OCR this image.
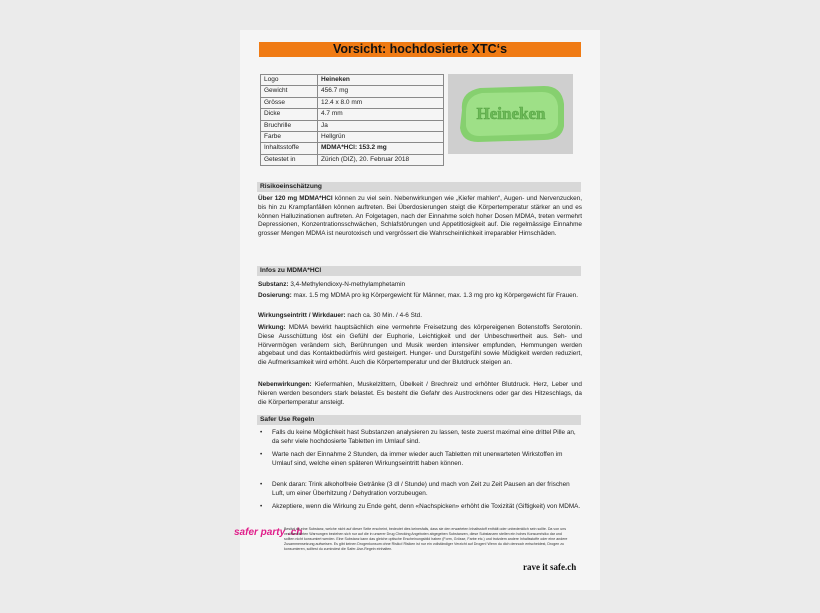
Vorsicht: hochdosierte XTC‘s
Logo	Heineken
Gewicht	456.7 mg
Grösse	12.4 x 8.0 mm
Dicke	4.7 mm
Bruchrille	Ja
Farbe	Hellgrün
Inhaltsstoffe	MDMA*HCl: 153.2 mg
Getestet in	Zürich (DIZ), 20. Februar 2018
Heineken
Risikoeinschätzung
Über 120 mg MDMA*HCl können zu viel sein. Nebenwirkungen wie „Kiefer mahlen“, Augen- und Nervenzucken, bis hin zu Krampfanfällen können auftreten. Bei Überdosierungen steigt die Körpertemperatur stärker an und es können Halluzinationen auftreten. An Folgetagen, nach der Einnahme solch hoher Dosen MDMA, treten vermehrt Depressionen, Konzentrationsschwächen, Schlafstörungen und Appetitlosigkeit auf. Die regelmässige Einnahme grosser Mengen MDMA ist neurotoxisch und vergrössert die Wahrscheinlichkeit irreparabler Hirnschäden.
Infos zu MDMA*HCl
Substanz: 3,4-Methylendioxy-N-methylamphetamin
Dosierung: max. 1.5 mg MDMA pro kg Körpergewicht für Männer, max. 1.3 mg pro kg Körpergewicht für Frauen.
Wirkungseintritt / Wirkdauer: nach ca. 30 Min. / 4-6 Std.
Wirkung: MDMA bewirkt hauptsächlich eine vermehrte Freisetzung des körpereigenen Botenstoffs Serotonin. Diese Ausschüttung löst ein Gefühl der Euphorie, Leichtigkeit und der Unbeschwertheit aus. Seh- und Hörvermögen verändern sich, Berührungen und Musik werden intensiver empfunden, Hemmungen werden abgebaut und das Kontaktbedürfnis wird gesteigert. Hunger- und Durstgefühl sowie Müdigkeit werden reduziert, die Aufmerksamkeit wird erhöht. Auch die Körpertemperatur und der Blutdruck steigen an.
Nebenwirkungen: Kiefermahlen, Muskelzittern, Übelkeit / Brechreiz und erhöhter Blutdruck. Herz, Leber und Nieren werden besonders stark belastet. Es besteht die Gefahr des Austrocknens oder gar des Hitzeschlags, da die Körpertemperatur ansteigt.
Safer Use Regeln
• Falls du keine Möglichkeit hast Substanzen analysieren zu lassen, teste zuerst maximal eine drittel Pille an, da sehr viele hochdosierte Tabletten im Umlauf sind.
• Warte nach der Einnahme 2 Stunden, da immer wieder auch Tabletten mit unerwarteten Wirkstoffen im Umlauf sind, welche einen späteren Wirkungseintritt haben können.
• Denk daran: Trink alkoholfreie Getränke (3 dl / Stunde) und mach von Zeit zu Zeit Pausen an der frischen Luft, um einer Überhitzung / Dehydration vorzubeugen.
• Akzeptiere, wenn die Wirkung zu Ende geht, denn «Nachspicken» erhöht die Toxizität (Giftigkeit) von MDMA.
safer party .ch
Besitzt du eine Substanz, welche nicht auf dieser Seite erscheint, bedeutet dies keinesfalls, dass sie den erwarteten Inhaltsstoff enthält oder unbedenklich sein sollte. Da von uns veröffentlichten Warnungen beziehen sich nur auf die in unserer Drug Checking Angeboten abgegeben Substanzen, diese Substanzen stellen ein hohes Konsumrisiko dar und sollten nicht konsumiert werden. Eine Substanz kann das gleiche optische Erscheinungsbild haben (Form, Grösse, Farbe etc.) und trotzdem andere Inhaltsstoffe oder eine andere Zusammensetzung aufweisen. Es gibt keinen Drogenkonsum ohne Risiko! Risiken ist nur ein vollständiger Verzicht auf Drogen! Wenn du dich dennoch entscheidest, Drogen zu konsumieren, solltest du zumindest die Safer-Use-Regeln einhalten.
rave it safe.ch
